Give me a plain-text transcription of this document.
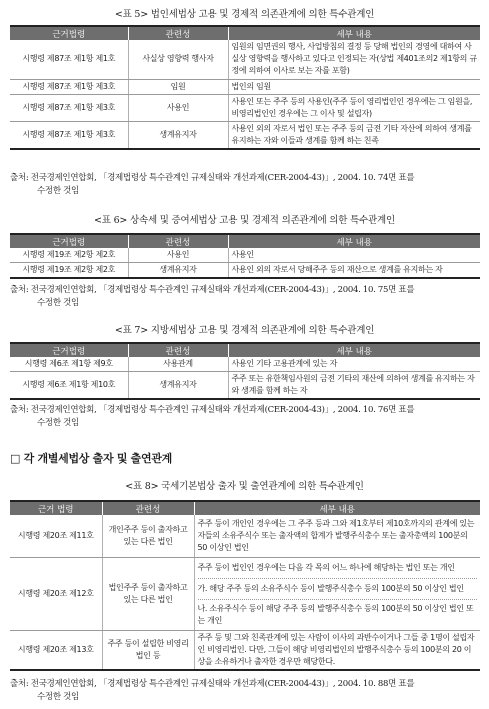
<표 5> 법인세법상 고용 및 경제적 의존관계에 의한 특수관계인
근거법령	관련성	세부 내용
시행령 제87조 제1항 제1호	사실상 영향력 행사자	임원의 임면권의 행사, 사업방침의 결정 등 당해 법인의 경영에 대하여 사실상 영향력을 행사하고 있다고 인정되는 자(상법 제401조의2 제1항의 규정에 의하여 이사로 보는 자를 포함)
시행령 제87조 제1항 제3호	임원	법인의 임원
시행령 제87조 제1항 제3호	사용인	사용인 또는 주주 등의 사용인(주주 등이 영리법인인 경우에는 그 임원을, 비영리법인인 경우에는 그 이사 및 설립자)
시행령 제87조 제1항 제3호	생계유지자	사용인 외의 자로서 법인 또는 주주 등의 금전 기타 자산에 의하여 생계를 유지하는 자와 이들과 생계를 함께 하는 친족
출처: 전국경제인연합회, 「경제법령상 특수관계인 규제실태와 개선과제(CER-2004-43)」, 2004. 10. 74면 표를
수정한 것임
<표 6> 상속세 및 증여세법상 고용 및 경제적 의존관계에 의한 특수관계인
근거법령	관련성	세부 내용
시행령 제19조 제2항 제2호	사용인	사용인
시행령 제19조 제2항 제2호	생계유지자	사용인 외의 자로서 당해주주 등의 재산으로 생계를 유지하는 자
출처: 전국경제인연합회, 「경제법령상 특수관계인 규제실태와 개선과제(CER-2004-43)」, 2004. 10. 75면 표를
수정한 것임
<표 7> 지방세법상 고용 및 경제적 의존관계에 의한 특수관계인
근거법령	관련성	세부 내용
시행령 제6조 제1항 제9호	사용관계	사용인 기타 고용관계에 있는 자
시행령 제6조 제1항 제10호	생계유지자	주주 또는 유한책임사원의 금전 기타의 재산에 의하여 생계를 유지하는 자와 생계를 함께 하는 자
출처: 전국경제인연합회, 「경제법령상 특수관계인 규제실태와 개선과제(CER-2004-43)」, 2004. 10. 76면 표를
수정한 것임
□ 각 개별세법상 출자 및 출연관계
<표 8> 국세기본법상 출자 및 출연관계에 의한 특수관계인
근거 법령	관련성	세부 내용
시행령 제20조 제11호	개인주주 등이 출자하고 있는 다른 법인	주주 등이 개인인 경우에는 그 주주 등과 그와 제1호부터 제10호까지의 관계에 있는 자들의 소유주식수 또는 출자액의 합계가 발행주식총수 또는 출자총액의 100분의 50 이상인 법인
시행령 제20조 제12호	법인주주 등이 출자하고 있는 다른 법인	주주 등이 법인인 경우에는 다음 각 목의 어느 하나에 해당하는 법인 또는 개인
가. 해당 주주 등의 소유주식수 등이 발행주식총수 등의 100분의 50 이상인 법인
나. 소유주식수 등이 해당 주주 등의 발행주식총수 등의 100분의 50 이상인 법인 또는 개인

시행령 제20조 제13호	주주 등이 설립한 비영리법인 등	주주 등 및 그와 친족관계에 있는 사람이 이사의 과반수이거나 그들 중 1명이 설립자인 비영리법인. 다만, 그들이 해당 비영리법인의 발행주식총수 등의 100분의 20 이상을 소유하거나 출자한 경우만 해당한다.
출처: 전국경제인연합회, 「경제법령상 특수관계인 규제실태와 개선과제(CER-2004-43)」, 2004. 10. 88면 표를
수정한 것임
